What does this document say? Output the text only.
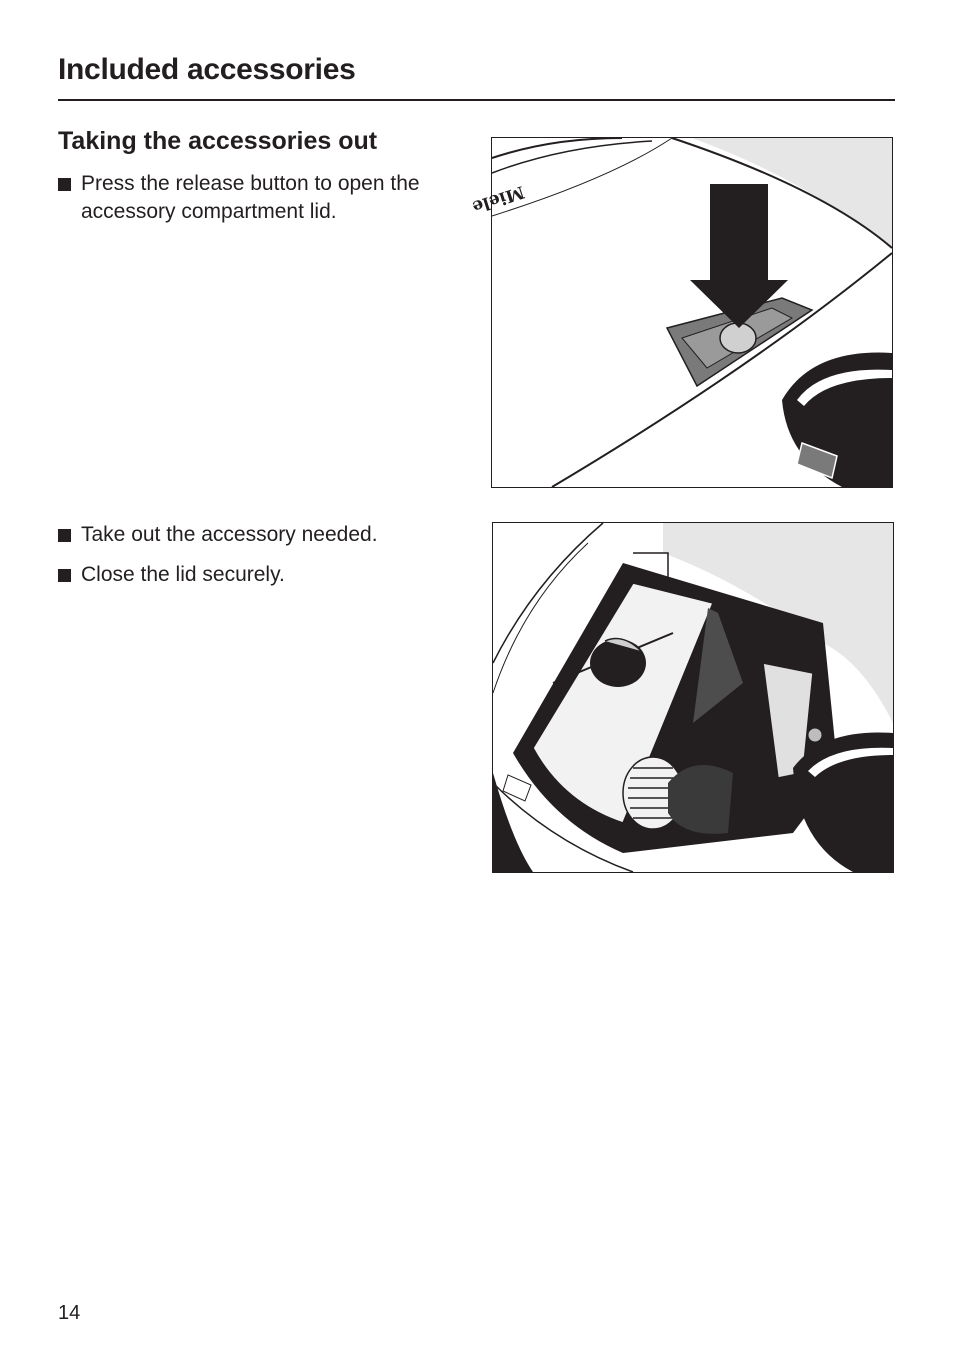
Included accessories
Taking the accessories out
Press the release button to open the accessory compartment lid.
Take out the accessory needed.
Close the lid securely.
Miele
14
